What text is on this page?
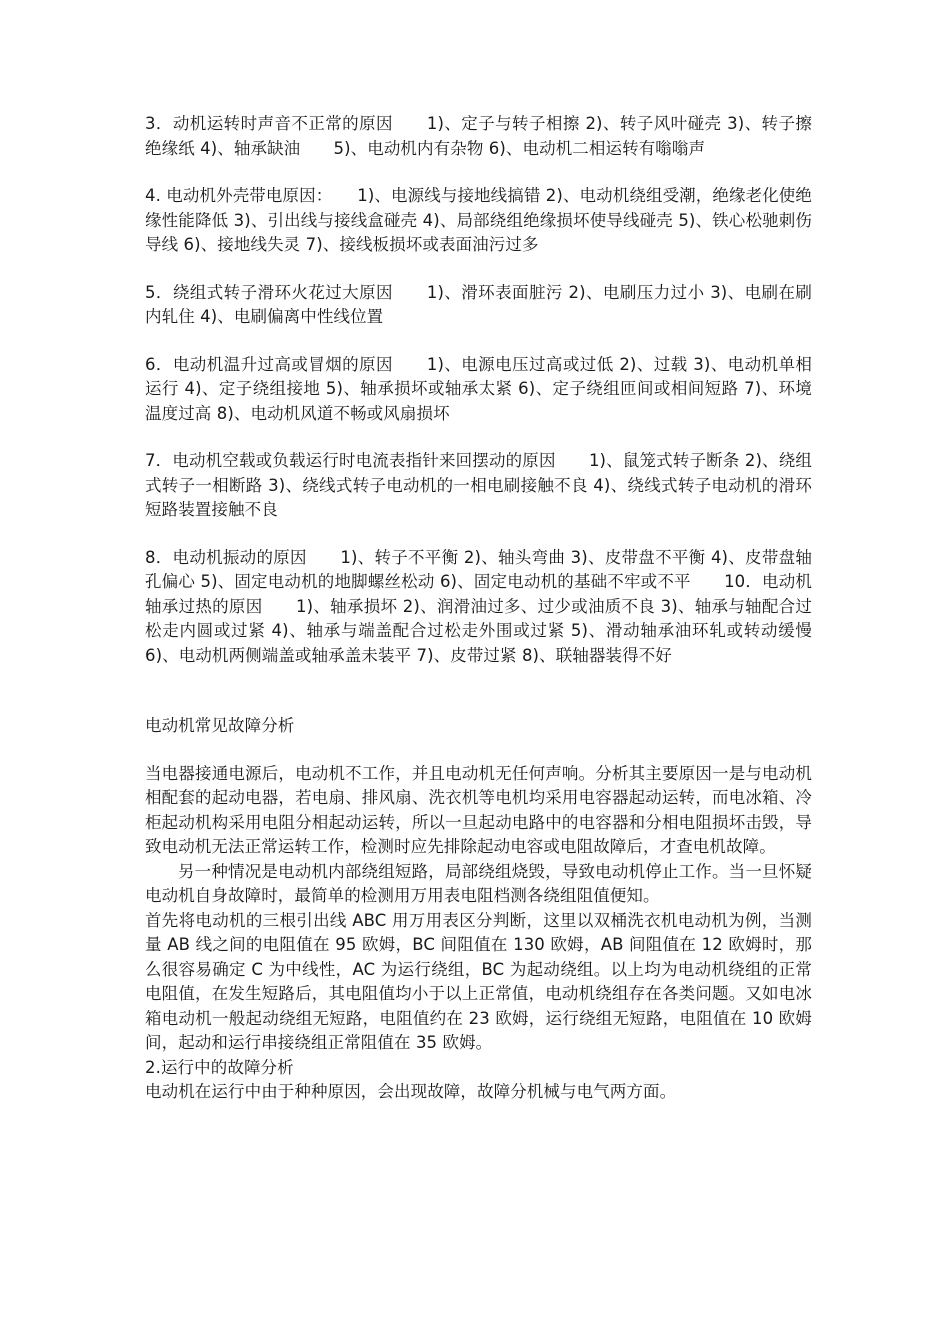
3．动机运转时声音不正常的原因　　1)、定子与转子相擦 2)、转子风叶碰壳 3)、转子擦绝缘纸 4)、轴承缺油　　5)、电动机内有杂物 6)、电动机二相运转有嗡嗡声

4. 电动机外壳带电原因：　　1)、电源线与接地线搞错 2)、电动机绕组受潮，绝缘老化使绝缘性能降低 3)、引出线与接线盒碰壳 4)、局部绕组绝缘损坏使导线碰壳 5)、铁心松驰刺伤导线 6)、接地线失灵 7)、接线板损坏或表面油污过多

5．绕组式转子滑环火花过大原因　　1)、滑环表面脏污 2)、电刷压力过小 3)、电刷在刷内轧住 4)、电刷偏离中性线位置

6．电动机温升过高或冒烟的原因　　1)、电源电压过高或过低 2)、过载 3)、电动机单相运行 4)、定子绕组接地 5)、轴承损坏或轴承太紧 6)、定子绕组匝间或相间短路 7)、环境温度过高 8)、电动机风道不畅或风扇损坏

7．电动机空载或负载运行时电流表指针来回摆动的原因　　1)、鼠笼式转子断条 2)、绕组式转子一相断路 3)、绕线式转子电动机的一相电刷接触不良 4)、绕线式转子电动机的滑环短路装置接触不良

8．电动机振动的原因　　1)、转子不平衡 2)、轴头弯曲 3)、皮带盘不平衡 4)、皮带盘轴孔偏心 5)、固定电动机的地脚螺丝松动 6)、固定电动机的基础不牢或不平　　10．电动机轴承过热的原因　　1)、轴承损坏 2)、润滑油过多、过少或油质不良 3)、轴承与轴配合过松走内圆或过紧 4)、轴承与端盖配合过松走外围或过紧 5)、滑动轴承油环轧或转动缓慢 6)、电动机两侧端盖或轴承盖未装平 7)、皮带过紧 8)、联轴器装得不好

电动机常见故障分析

当电器接通电源后，电动机不工作，并且电动机无任何声响。分析其主要原因一是与电动机相配套的起动电器，若电扇、排风扇、洗衣机等电机均采用电容器起动运转，而电冰箱、冷柜起动机构采用电阻分相起动运转，所以一旦起动电路中的电容器和分相电阻损坏击毁，导致电动机无法正常运转工作，检测时应先排除起动电容或电阻故障后，才查电机故障。

另一种情况是电动机内部绕组短路，局部绕组烧毁，导致电动机停止工作。当一旦怀疑电动机自身故障时，最简单的检测用万用表电阻档测各绕组阻值便知。

首先将电动机的三根引出线 ABC 用万用表区分判断，这里以双桶洗衣机电动机为例，当测量 AB 线之间的电阻值在 95 欧姆，BC 间阻值在 130 欧姆，AB 间阻值在 12 欧姆时，那么很容易确定 C 为中线性，AC 为运行绕组，BC 为起动绕组。以上均为电动机绕组的正常电阻值，在发生短路后，其电阻值均小于以上正常值，电动机绕组存在各类问题。又如电冰箱电动机一般起动绕组无短路，电阻值约在 23 欧姆，运行绕组无短路，电阻值在 10 欧姆间，起动和运行串接绕组正常阻值在 35 欧姆。

2.运行中的故障分析

电动机在运行中由于种种原因，会出现故障，故障分机械与电气两方面。
